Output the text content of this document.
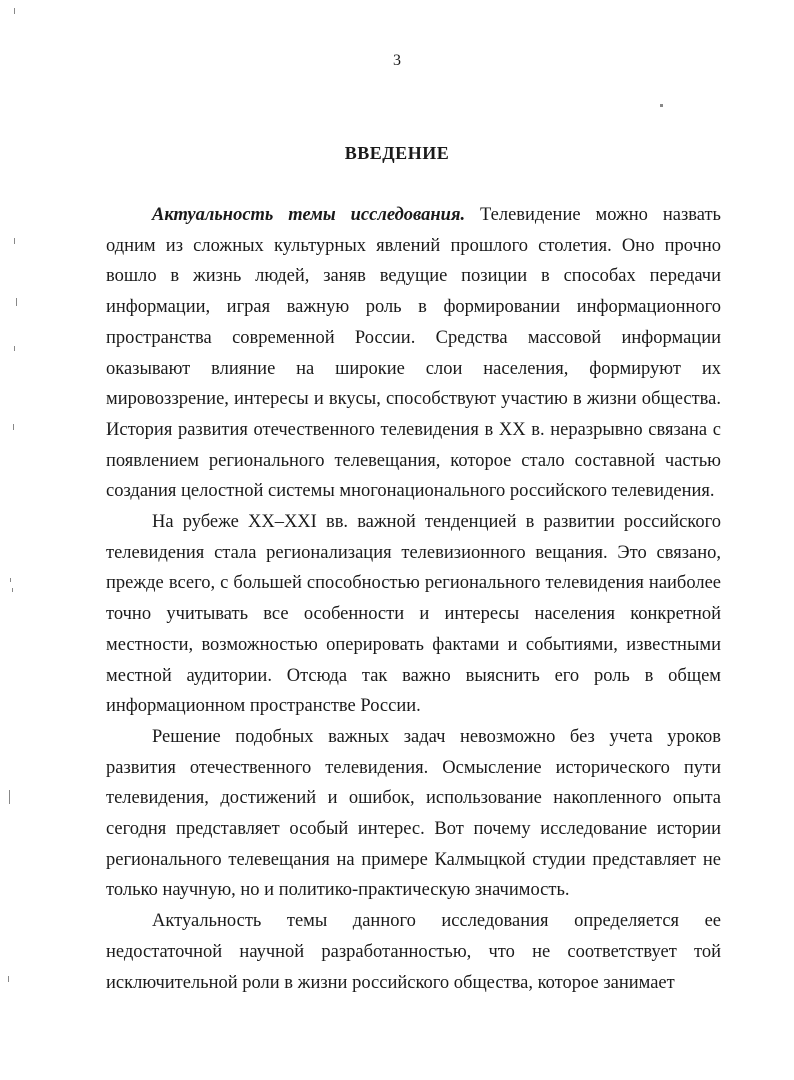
3
ВВЕДЕНИЕ

Актуальность темы исследования. Телевидение можно назвать одним из сложных культурных явлений прошлого столетия. Оно прочно вошло в жизнь людей, заняв ведущие позиции в способах передачи информации, играя важную роль в формировании информационного пространства современной России. Средства массовой информации оказывают влияние на широкие слои населения, формируют их мировоззрение, интересы и вкусы, способствуют участию в жизни общества. История развития отечественного телевидения в XX в. неразрывно связана с появлением регионального телевещания, которое стало составной частью создания целостной системы многонационального российского телевидения.

На рубеже XX–XXI вв. важной тенденцией в развитии российского телевидения стала регионализация телевизионного вещания. Это связано, прежде всего, с большей способностью регионального телевидения наиболее точно учитывать все особенности и интересы населения конкретной местности, возможностью оперировать фактами и событиями, известными местной аудитории. Отсюда так важно выяснить его роль в общем информационном пространстве России.

Решение подобных важных задач невозможно без учета уроков развития отечественного телевидения. Осмысление исторического пути телевидения, достижений и ошибок, использование накопленного опыта сегодня представляет особый интерес. Вот почему исследование истории регионального телевещания на примере Калмыцкой студии представляет не только научную, но и политико-практическую значимость.

Актуальность темы данного исследования определяется ее недостаточной научной разработанностью, что не соответствует той исключительной роли в жизни российского общества, которое занимает
